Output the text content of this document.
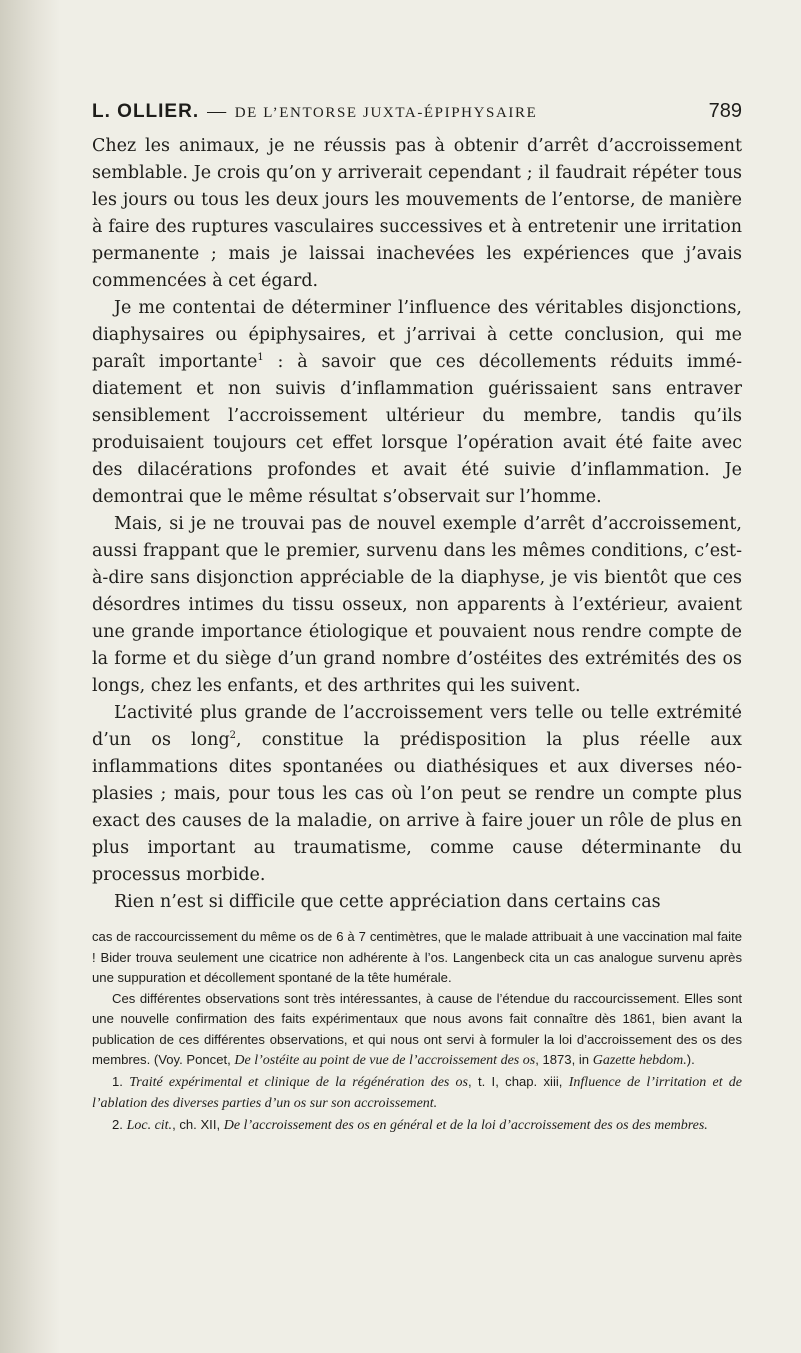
L. OLLIER. — DE L’ENTORSE JUXTA-ÉPIPHYSAIRE	789

Chez les animaux, je ne réussis pas à obtenir d’arrêt d’accroissement semblable. Je crois qu’on y arriverait cependant ; il faudrait répéter tous les jours ou tous les deux jours les mouvements de l’entorse, de manière à faire des ruptures vasculaires successives et à entretenir une irritation permanente ; mais je laissai inachevées les expériences que j’avais commencées à cet égard.

Je me contentai de déterminer l’influence des véritables disjonctions, diaphysaires ou épiphysaires, et j’arrivai à cette conclusion, qui me paraît importante$^1$ : à savoir que ces décollements réduits immédiatement et non suivis d’inflammation guérissaient sans entraver sensiblement l’accroissement ultérieur du membre, tandis qu’ils produisaient toujours cet effet lorsque l’opération avait été faite avec des dilacérations profondes et avait été suivie d’inflammation. Je demontrai que le même résultat s’observait sur l’homme.

Mais, si je ne trouvai pas de nouvel exemple d’arrêt d’accroissement, aussi frappant que le premier, survenu dans les mêmes conditions, c’est-à-dire sans disjonction appréciable de la diaphyse, je vis bientôt que ces désordres intimes du tissu osseux, non apparents à l’extérieur, avaient une grande importance étiologique et pouvaient nous rendre compte de la forme et du siège d’un grand nombre d’ostéites des extrémités des os longs, chez les enfants, et des arthrites qui les suivent.

L’activité plus grande de l’accroissement vers telle ou telle extrémité d’un os long$^2$, constitue la prédisposition la plus réelle aux inflammations dites spontanées ou diathésiques et aux diverses néoplasies ; mais, pour tous les cas où l’on peut se rendre un compte plus exact des causes de la maladie, on arrive à faire jouer un rôle de plus en plus important au traumatisme, comme cause déterminante du processus morbide.

Rien n’est si difficile que cette appréciation dans certains cas

cas de raccourcissement du même os de 6 à 7 centimètres, que le malade attribuait à une vaccination mal faite ! Bider trouva seulement une cicatrice non adhérente à l’os. Langenbeck cita un cas analogue survenu après une suppuration et décollement spontané de la tête humérale.

Ces différentes observations sont très intéressantes, à cause de l’étendue du raccourcissement. Elles sont une nouvelle confirmation des faits expérimentaux que nous avons fait connaître dès 1861, bien avant la publication de ces différentes observations, et qui nous ont servi à formuler la loi d’accroissement des os des membres. (Voy. Poncet, De l’ostéite au point de vue de l’accroissement des os, 1873, in Gazette hebdom.).

1. Traité expérimental et clinique de la régénération des os, t. I, chap. xiii, Influence de l’irritation et de l’ablation des diverses parties d’un os sur son accroissement.

2. Loc. cit., ch. XII, De l’accroissement des os en général et de la loi d’accroissement des os des membres.
